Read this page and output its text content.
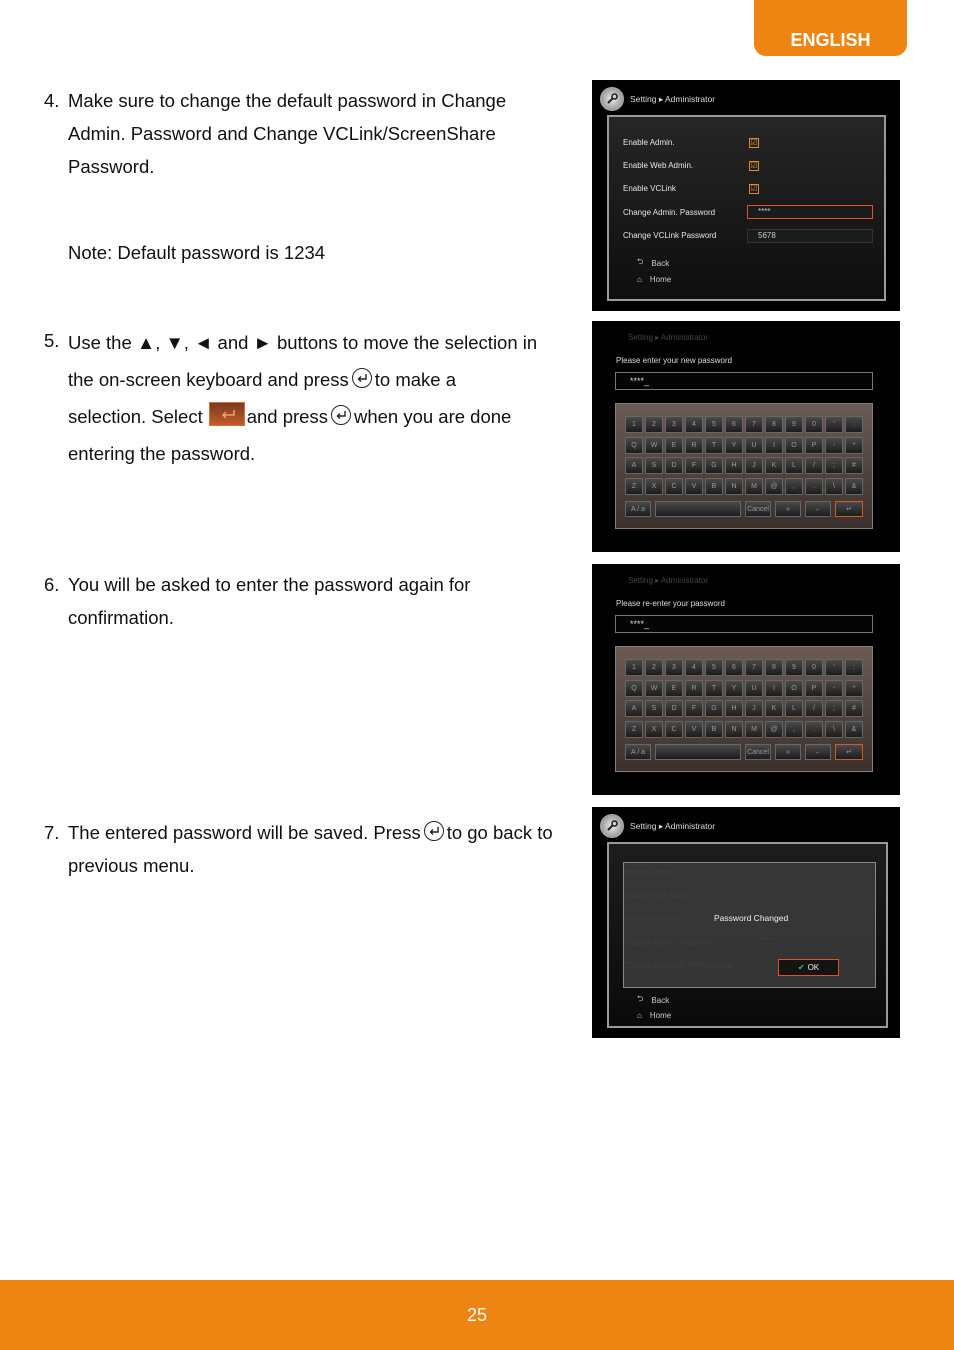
ENGLISH
4. Make sure to change the default password in Change Admin. Password and Change VCLink/ScreenShare Password.
Note: Default password is 1234
5. Use the ▲, ▼, ◄ and ► buttons to move the selection in

the on-screen keyboard and press to make a

selection. Select and press when you are done

entering the password.

6. You will be asked to enter the password again for confirmation.
7. The entered password will be saved. Press to go back to previous menu.
Setting ▸ Administrator
Enable Admin.	☑
Enable Web Admin.	☑
Enable VCLink	☑
Change Admin. Password	****
Change VCLink Password	5678
⮌ Back
⌂ Home
Setting ▸ Administrator
Please enter your new password
****_
1	2	3	4	5	6	7	8	9	0	'	:
Q	W	E	R	T	Y	U	I	O	P	-	*
A	S	D	F	G	H	J	K	L	/	;	#
Z	X	C	V	B	N	M	@	,	.	\	&
A / a	Cancel	«	←	↵
Setting ▸ Administrator
Please re-enter your password
****_
1	2	3	4	5	6	7	8	9	0	'	:
Q	W	E	R	T	Y	U	I	O	P	-	*
A	S	D	F	G	H	J	K	L	/	;	#
Z	X	C	V	B	N	M	@	,	.	\	&
A / a	Cancel	«	←	↵
Setting ▸ Administrator
Password Changed
✔ OK
⮌ Back
⌂ Home
25
